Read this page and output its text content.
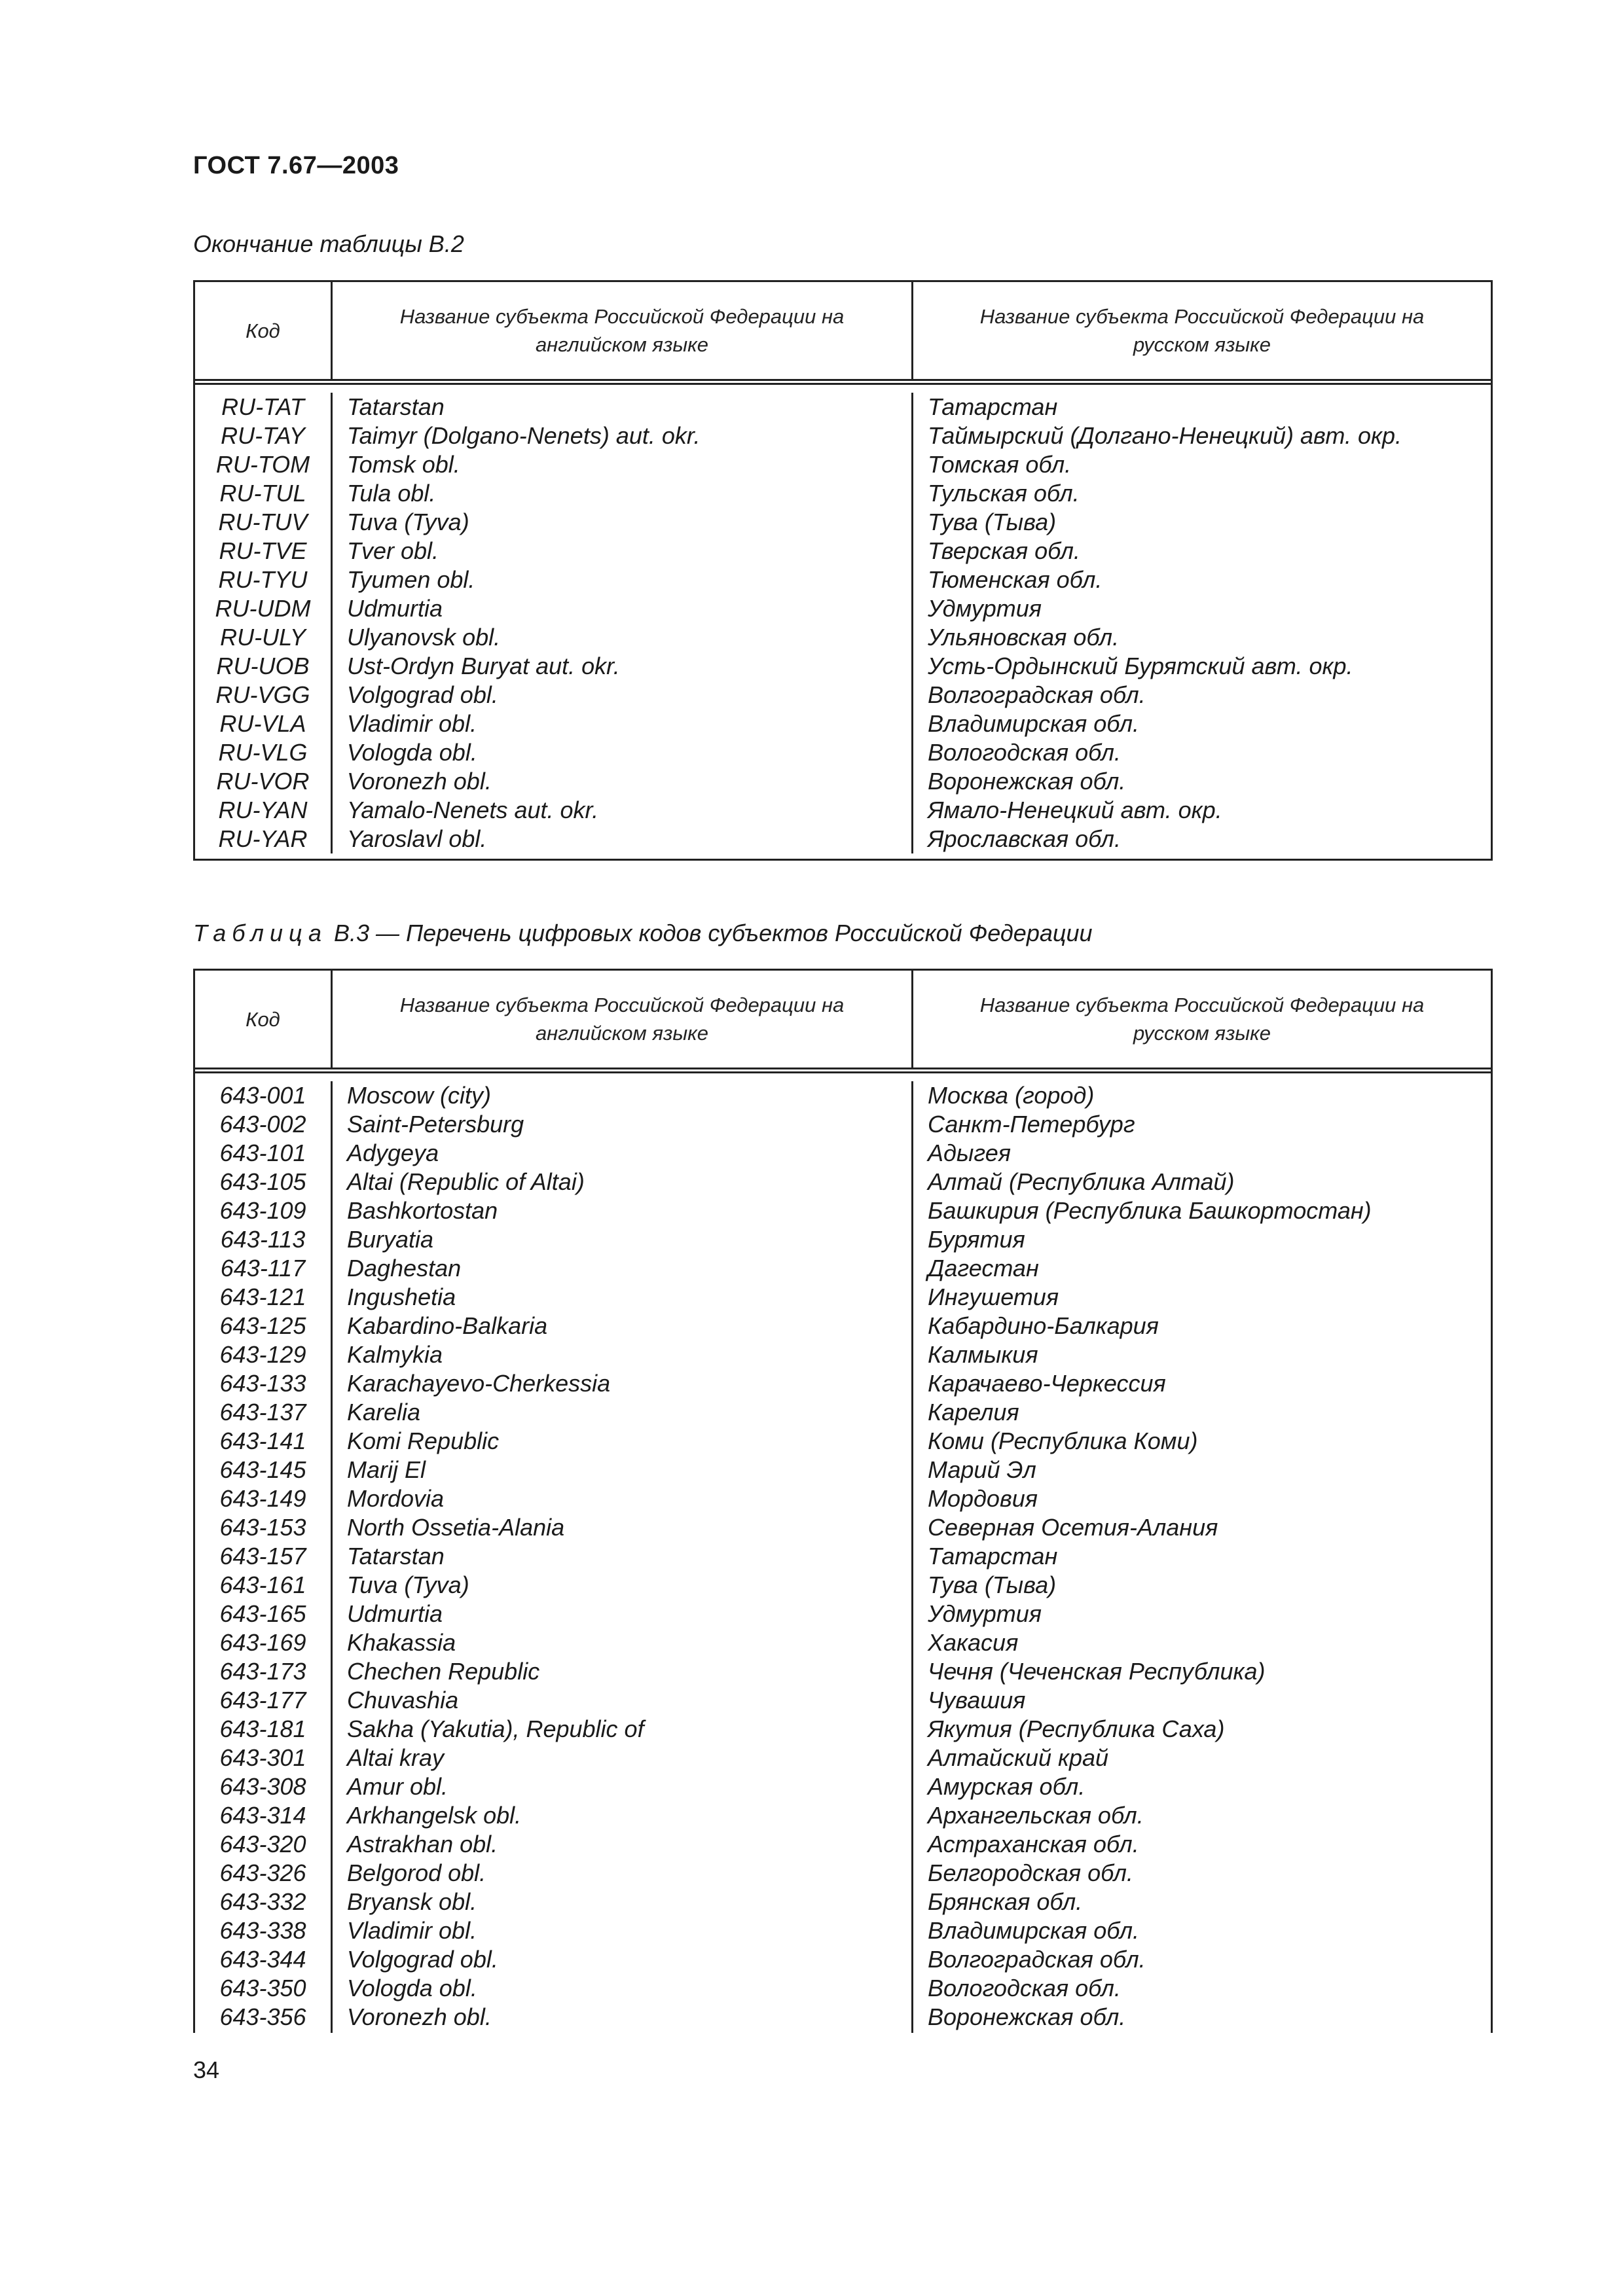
ГОСТ 7.67—2003
Окончание таблицы В.2
Код
Название субъекта Российской Федерации на английском языке
Название субъекта Российской Федерации на русском языке
RU-TAT
RU-TAY
RU-TOM
RU-TUL
RU-TUV
RU-TVE
RU-TYU
RU-UDM
RU-ULY
RU-UOB
RU-VGG
RU-VLA
RU-VLG
RU-VOR
RU-YAN
RU-YAR
Tatarstan
Taimyr (Dolgano-Nenets) aut. okr.
Tomsk obl.
Tula obl.
Tuva (Tyva)
Tver obl.
Tyumen obl.
Udmurtia
Ulyanovsk obl.
Ust-Ordyn Buryat aut. okr.
Volgograd obl.
Vladimir obl.
Vologda obl.
Voronezh obl.
Yamalo-Nenets aut. okr.
Yaroslavl obl.
Татарстан
Таймырский (Долгано-Ненецкий) авт. окр.
Томская обл.
Тульская обл.
Тува (Тыва)
Тверская обл.
Тюменская обл.
Удмуртия
Ульяновская обл.
Усть-Ордынский Бурятский авт. окр.
Волгоградская обл.
Владимирская обл.
Вологодская обл.
Воронежская обл.
Ямало-Ненецкий авт. окр.
Ярославская обл.
Таблица В.3 — Перечень цифровых кодов субъектов Российской Федерации
Код
Название субъекта Российской Федерации на английском языке
Название субъекта Российской Федерации на русском языке
643-001
643-002
643-101
643-105
643-109
643-113
643-117
643-121
643-125
643-129
643-133
643-137
643-141
643-145
643-149
643-153
643-157
643-161
643-165
643-169
643-173
643-177
643-181
643-301
643-308
643-314
643-320
643-326
643-332
643-338
643-344
643-350
643-356
Moscow (city)
Saint-Petersburg
Adygeya
Altai (Republic of Altai)
Bashkortostan
Buryatia
Daghestan
Ingushetia
Kabardino-Balkaria
Kalmykia
Karachayevo-Cherkessia
Karelia
Komi Republic
Marij El
Mordovia
North Ossetia-Alania
Tatarstan
Tuva (Tyva)
Udmurtia
Khakassia
Chechen Republic
Chuvashia
Sakha (Yakutia), Republic of
Altai kray
Amur obl.
Arkhangelsk obl.
Astrakhan obl.
Belgorod obl.
Bryansk obl.
Vladimir obl.
Volgograd obl.
Vologda obl.
Voronezh obl.
Москва (город)
Санкт-Петербург
Адыгея
Алтай (Республика Алтай)
Башкирия (Республика Башкортостан)
Бурятия
Дагестан
Ингушетия
Кабардино-Балкария
Калмыкия
Карачаево-Черкессия
Карелия
Коми (Республика Коми)
Марий Эл
Мордовия
Северная Осетия-Алания
Татарстан
Тува (Тыва)
Удмуртия
Хакасия
Чечня (Чеченская Республика)
Чувашия
Якутия (Республика Саха)
Алтайский край
Амурская обл.
Архангельская обл.
Астраханская обл.
Белгородская обл.
Брянская обл.
Владимирская обл.
Волгоградская обл.
Вологодская обл.
Воронежская обл.
34
